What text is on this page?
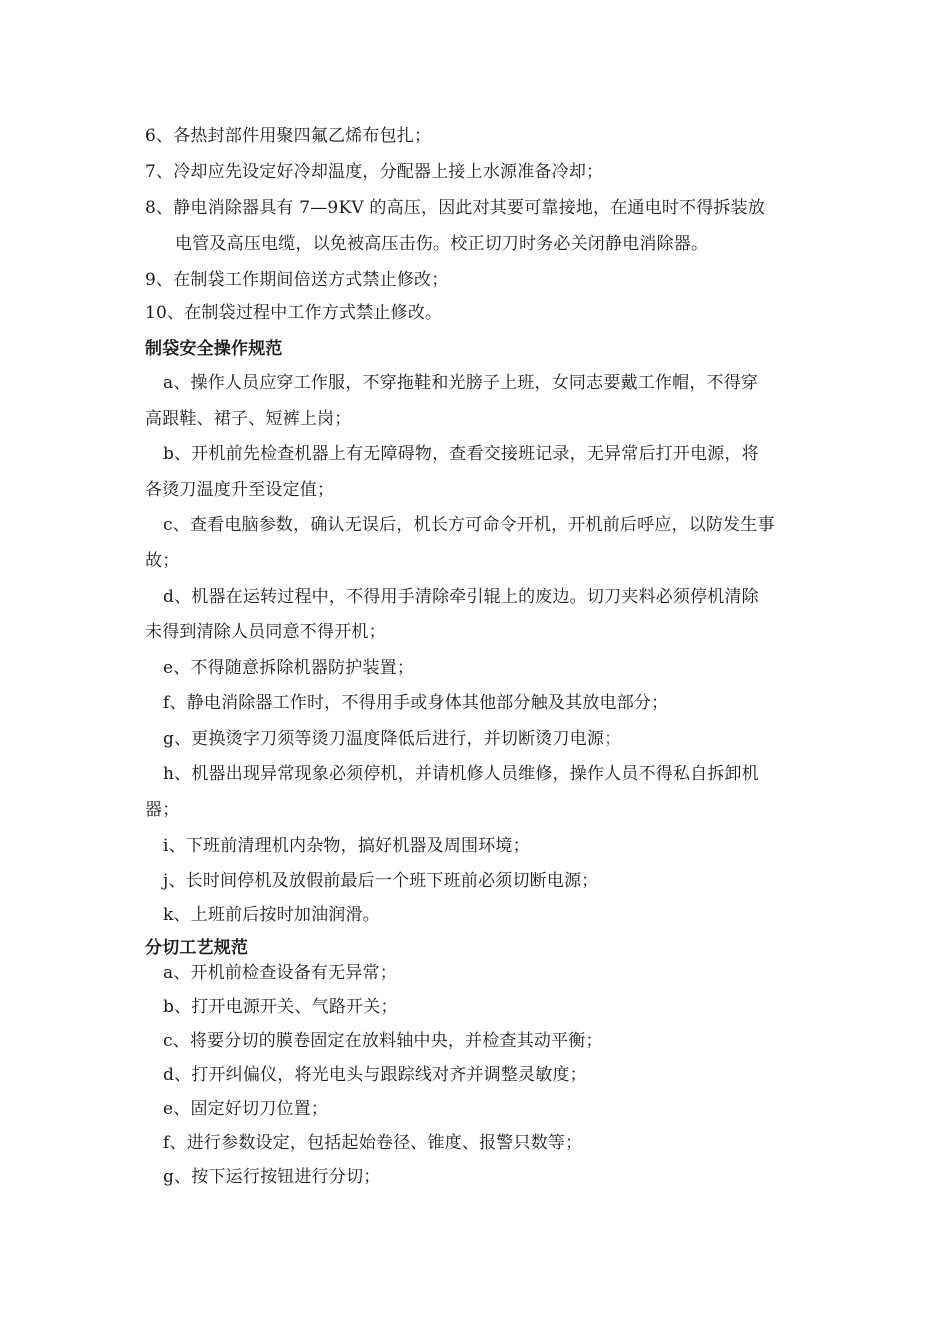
6、各热封部件用聚四氟乙烯布包扎；
7、冷却应先设定好冷却温度，分配器上接上水源准备冷却；
8、静电消除器具有 7—9KV 的高压，因此对其要可靠接地，在通电时不得拆装放
电管及高压电缆，以免被高压击伤。校正切刀时务必关闭静电消除器。
9、在制袋工作期间倍送方式禁止修改；
10、在制袋过程中工作方式禁止修改。
制袋安全操作规范
a、操作人员应穿工作服，不穿拖鞋和光膀子上班，女同志要戴工作帽，不得穿
高跟鞋、裙子、短裤上岗；
b、开机前先检查机器上有无障碍物，查看交接班记录，无异常后打开电源，将
各烫刀温度升至设定值；
c、查看电脑参数，确认无误后，机长方可命令开机，开机前后呼应，以防发生事
故；
d、机器在运转过程中，不得用手清除牵引辊上的废边。切刀夹料必须停机清除
未得到清除人员同意不得开机；
e、不得随意拆除机器防护装置；
f、静电消除器工作时，不得用手或身体其他部分触及其放电部分；
g、更换烫字刀须等烫刀温度降低后进行，并切断烫刀电源；
h、机器出现异常现象必须停机，并请机修人员维修，操作人员不得私自拆卸机
器；
i、下班前清理机内杂物，搞好机器及周围环境；
j、长时间停机及放假前最后一个班下班前必须切断电源；
k、上班前后按时加油润滑。
分切工艺规范
a、开机前检查设备有无异常；
b、打开电源开关、气路开关；
c、将要分切的膜卷固定在放料轴中央，并检查其动平衡；
d、打开纠偏仪，将光电头与跟踪线对齐并调整灵敏度；
e、固定好切刀位置；
f、进行参数设定，包括起始卷径、锥度、报警只数等；
g、按下运行按钮进行分切；
